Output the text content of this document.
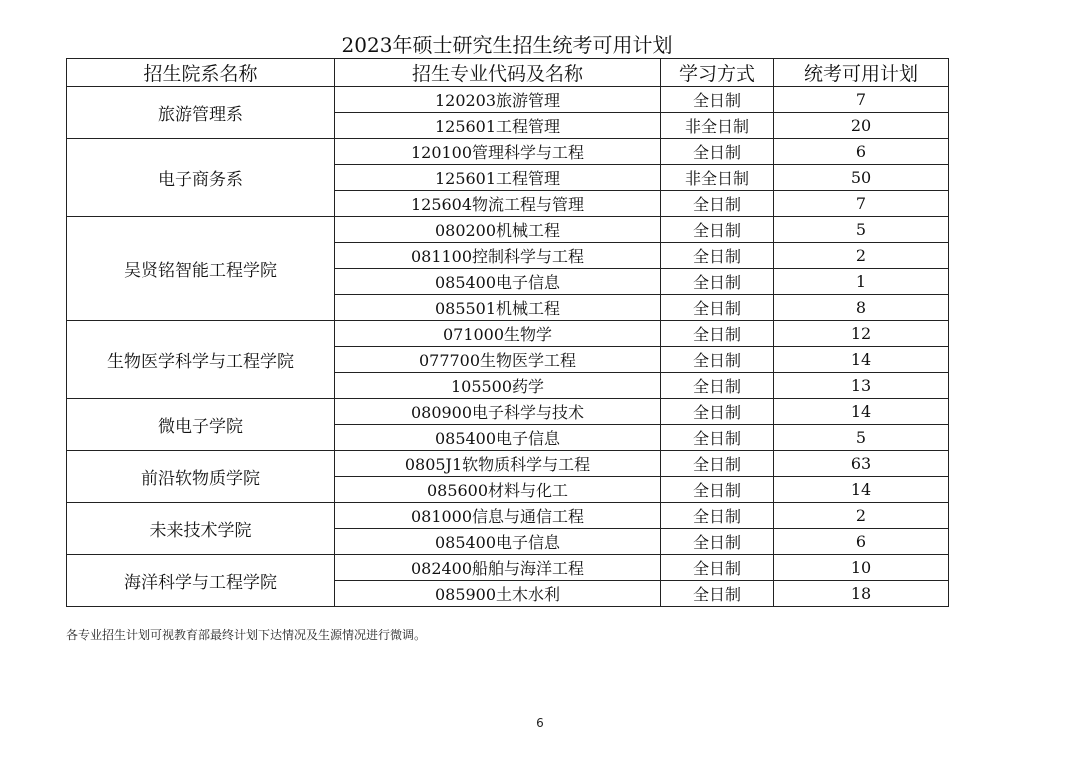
2023年硕士研究生招生统考可用计划
招生院系名称	招生专业代码及名称	学习方式	统考可用计划
旅游管理系	120203旅游管理	全日制	7
	125601工程管理	非全日制	20
电子商务系	120100管理科学与工程	全日制	6
	125601工程管理	非全日制	50
	125604物流工程与管理	全日制	7
吴贤铭智能工程学院	080200机械工程	全日制	5
	081100控制科学与工程	全日制	2
	085400电子信息	全日制	1
	085501机械工程	全日制	8
生物医学科学与工程学院	071000生物学	全日制	12
	077700生物医学工程	全日制	14
	105500药学	全日制	13
微电子学院	080900电子科学与技术	全日制	14
	085400电子信息	全日制	5
前沿软物质学院	0805J1软物质科学与工程	全日制	63
	085600材料与化工	全日制	14
未来技术学院	081000信息与通信工程	全日制	2
	085400电子信息	全日制	6
海洋科学与工程学院	082400船舶与海洋工程	全日制	10
	085900土木水利	全日制	18
各专业招生计划可视教育部最终计划下达情况及生源情况进行微调。
6
